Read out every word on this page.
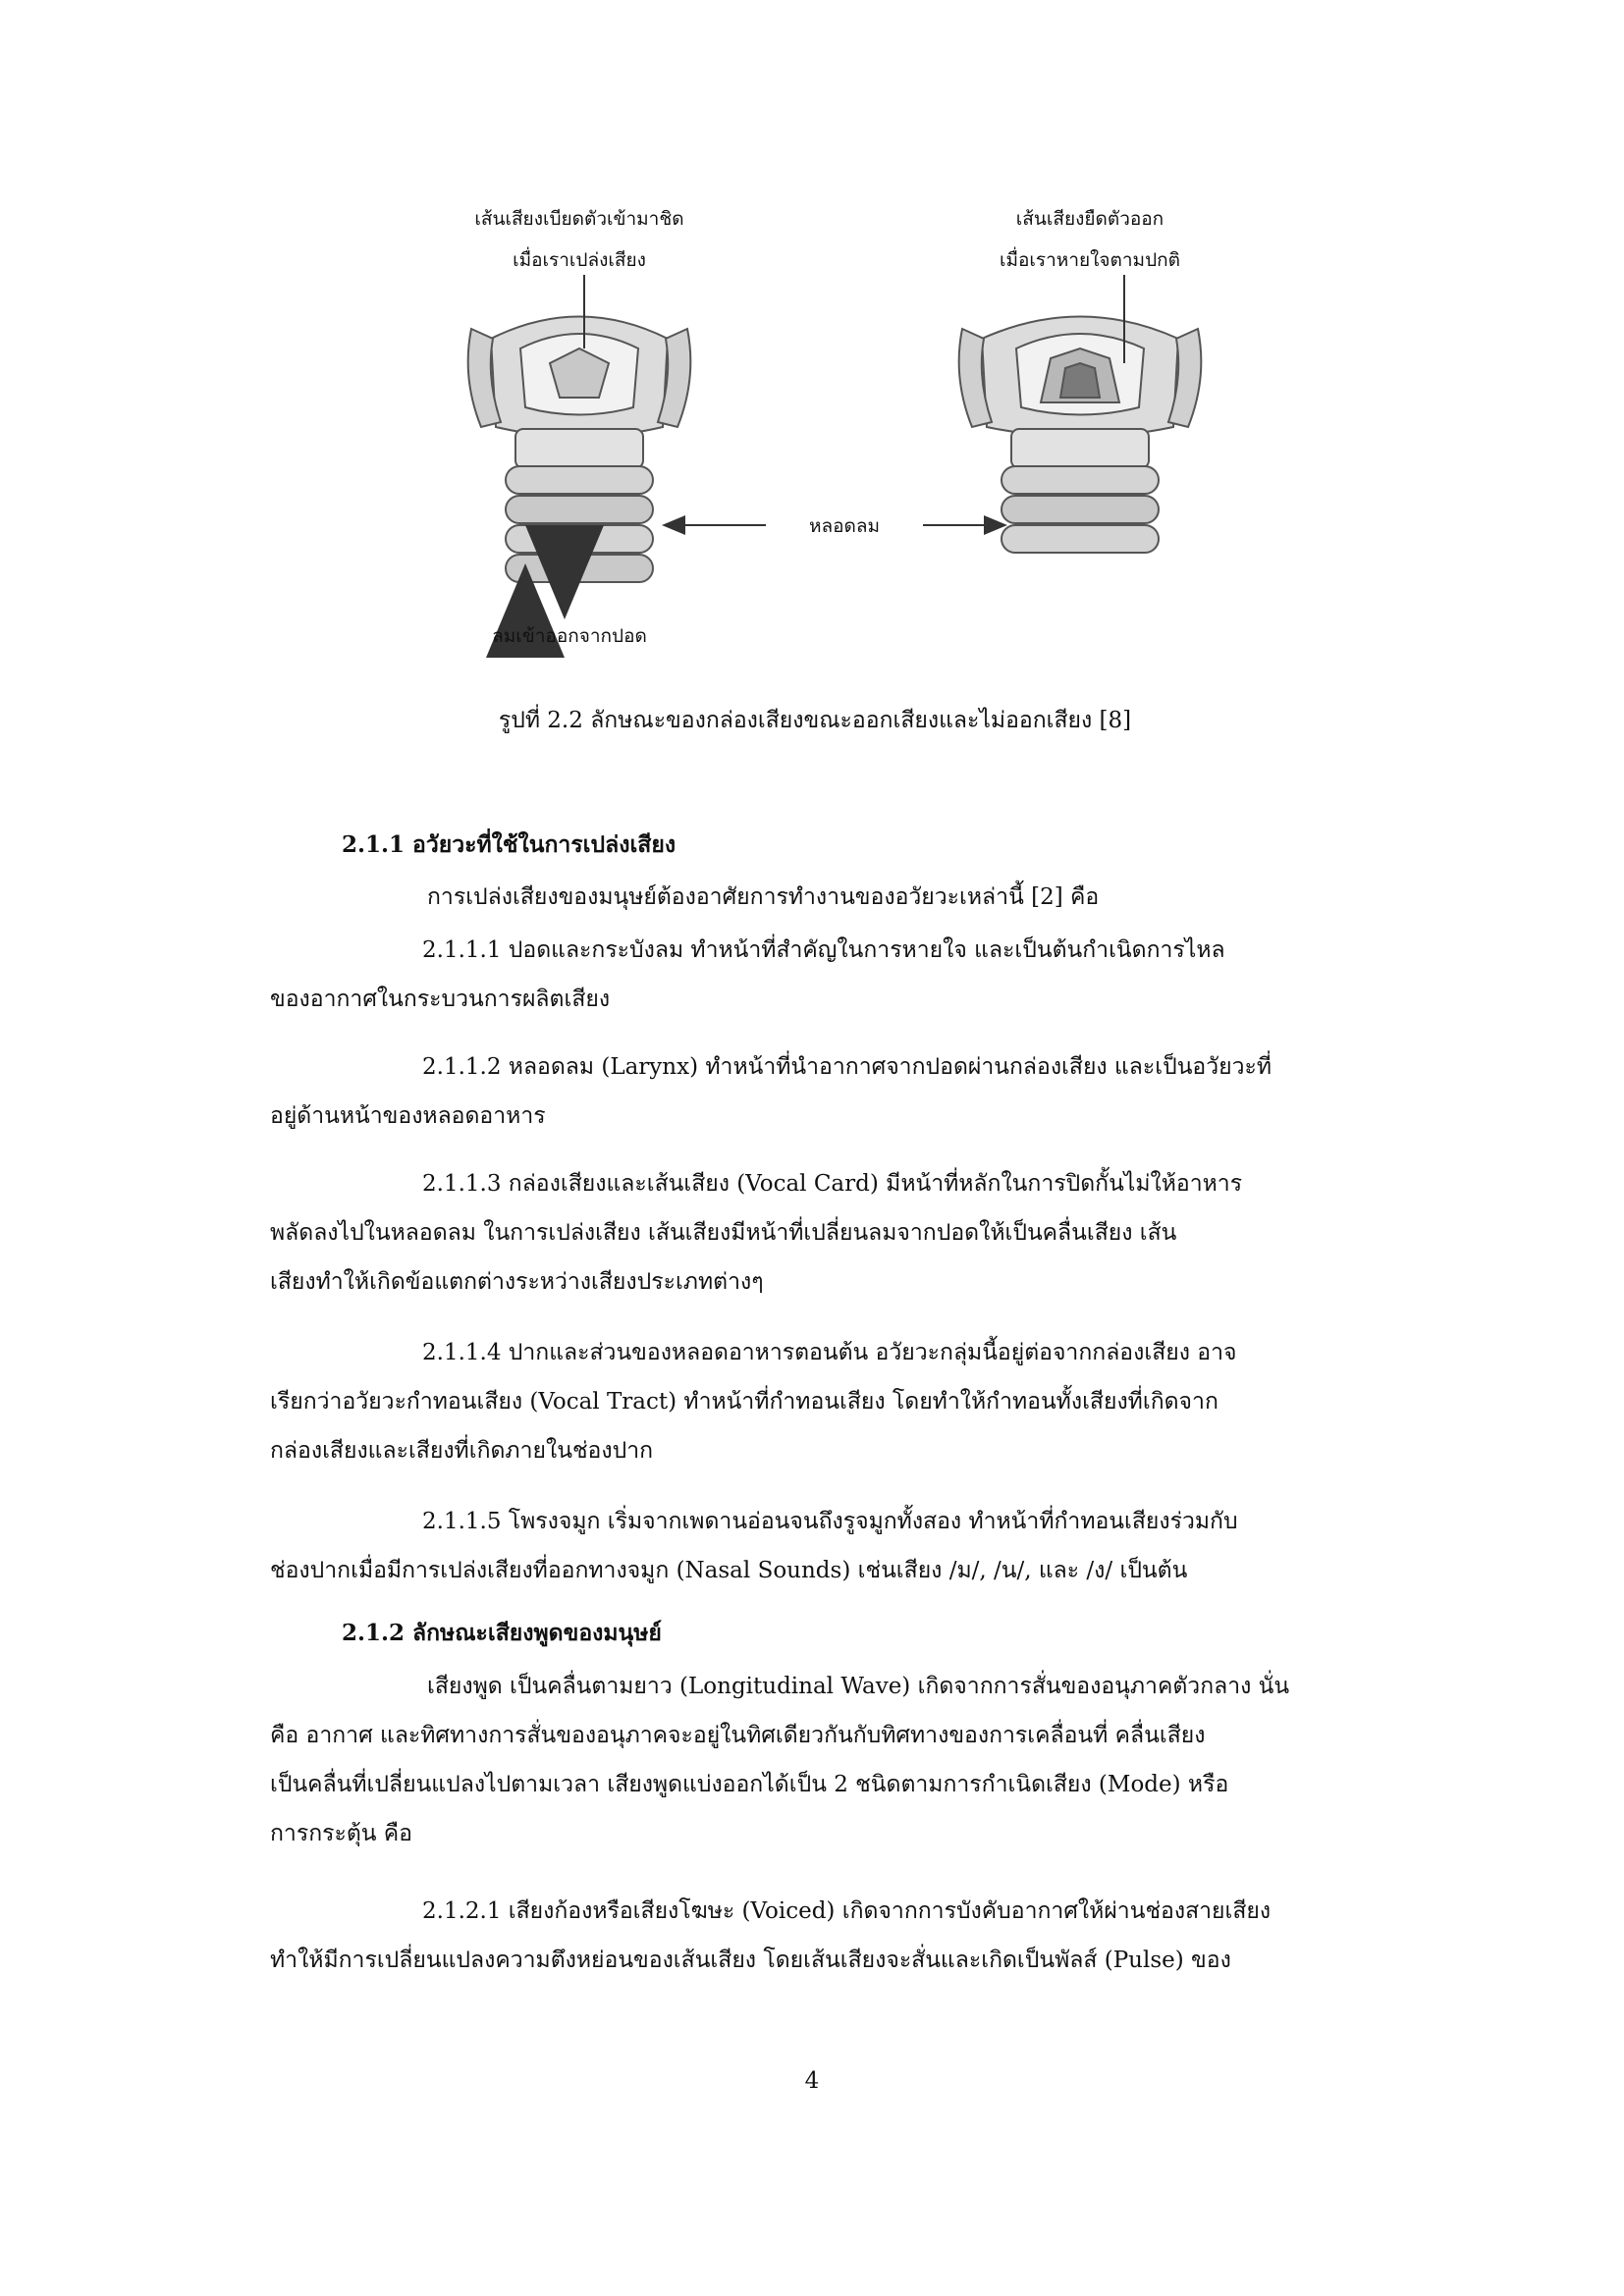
เส้นเสียงเบียดตัวเข้ามาชิด
เมื่อเราเปล่งเสียง
เส้นเสียงยืดตัวออก
เมื่อเราหายใจตามปกติ
หลอดลม
ลมเข้าออกจากปอด
รูปที่ 2.2 ลักษณะของกล่องเสียงขณะออกเสียงและไม่ออกเสียง [8]
2.1.1 อวัยวะที่ใช้ในการเปล่งเสียง
การเปล่งเสียงของมนุษย์ต้องอาศัยการทำงานของอวัยวะเหล่านี้ [2] คือ
2.1.1.1 ปอดและกระบังลม ทำหน้าที่สำคัญในการหายใจ และเป็นต้นกำเนิดการไหล
ของอากาศในกระบวนการผลิตเสียง
2.1.1.2 หลอดลม (Larynx) ทำหน้าที่นำอากาศจากปอดผ่านกล่องเสียง และเป็นอวัยวะที่
อยู่ด้านหน้าของหลอดอาหาร
2.1.1.3 กล่องเสียงและเส้นเสียง (Vocal Card) มีหน้าที่หลักในการปิดกั้นไม่ให้อาหาร
พลัดลงไปในหลอดลม ในการเปล่งเสียง เส้นเสียงมีหน้าที่เปลี่ยนลมจากปอดให้เป็นคลื่นเสียง เส้น
เสียงทำให้เกิดข้อแตกต่างระหว่างเสียงประเภทต่างๆ
2.1.1.4 ปากและส่วนของหลอดอาหารตอนต้น อวัยวะกลุ่มนี้อยู่ต่อจากกล่องเสียง อาจ
เรียกว่าอวัยวะกำทอนเสียง (Vocal Tract) ทำหน้าที่กำทอนเสียง โดยทำให้กำทอนทั้งเสียงที่เกิดจาก
กล่องเสียงและเสียงที่เกิดภายในช่องปาก
2.1.1.5 โพรงจมูก เริ่มจากเพดานอ่อนจนถึงรูจมูกทั้งสอง ทำหน้าที่กำทอนเสียงร่วมกับ
ช่องปากเมื่อมีการเปล่งเสียงที่ออกทางจมูก (Nasal Sounds) เช่นเสียง /ม/, /น/, และ /ง/ เป็นต้น
2.1.2 ลักษณะเสียงพูดของมนุษย์
เสียงพูด เป็นคลื่นตามยาว (Longitudinal Wave) เกิดจากการสั่นของอนุภาคตัวกลาง นั่น
คือ อากาศ และทิศทางการสั่นของอนุภาคจะอยู่ในทิศเดียวกันกับทิศทางของการเคลื่อนที่ คลื่นเสียง
เป็นคลื่นที่เปลี่ยนแปลงไปตามเวลา เสียงพูดแบ่งออกได้เป็น 2 ชนิดตามการกำเนิดเสียง (Mode) หรือ
การกระตุ้น คือ
2.1.2.1 เสียงก้องหรือเสียงโฆษะ (Voiced) เกิดจากการบังคับอากาศให้ผ่านช่องสายเสียง
ทำให้มีการเปลี่ยนแปลงความตึงหย่อนของเส้นเสียง โดยเส้นเสียงจะสั่นและเกิดเป็นพัลส์ (Pulse) ของ
4
